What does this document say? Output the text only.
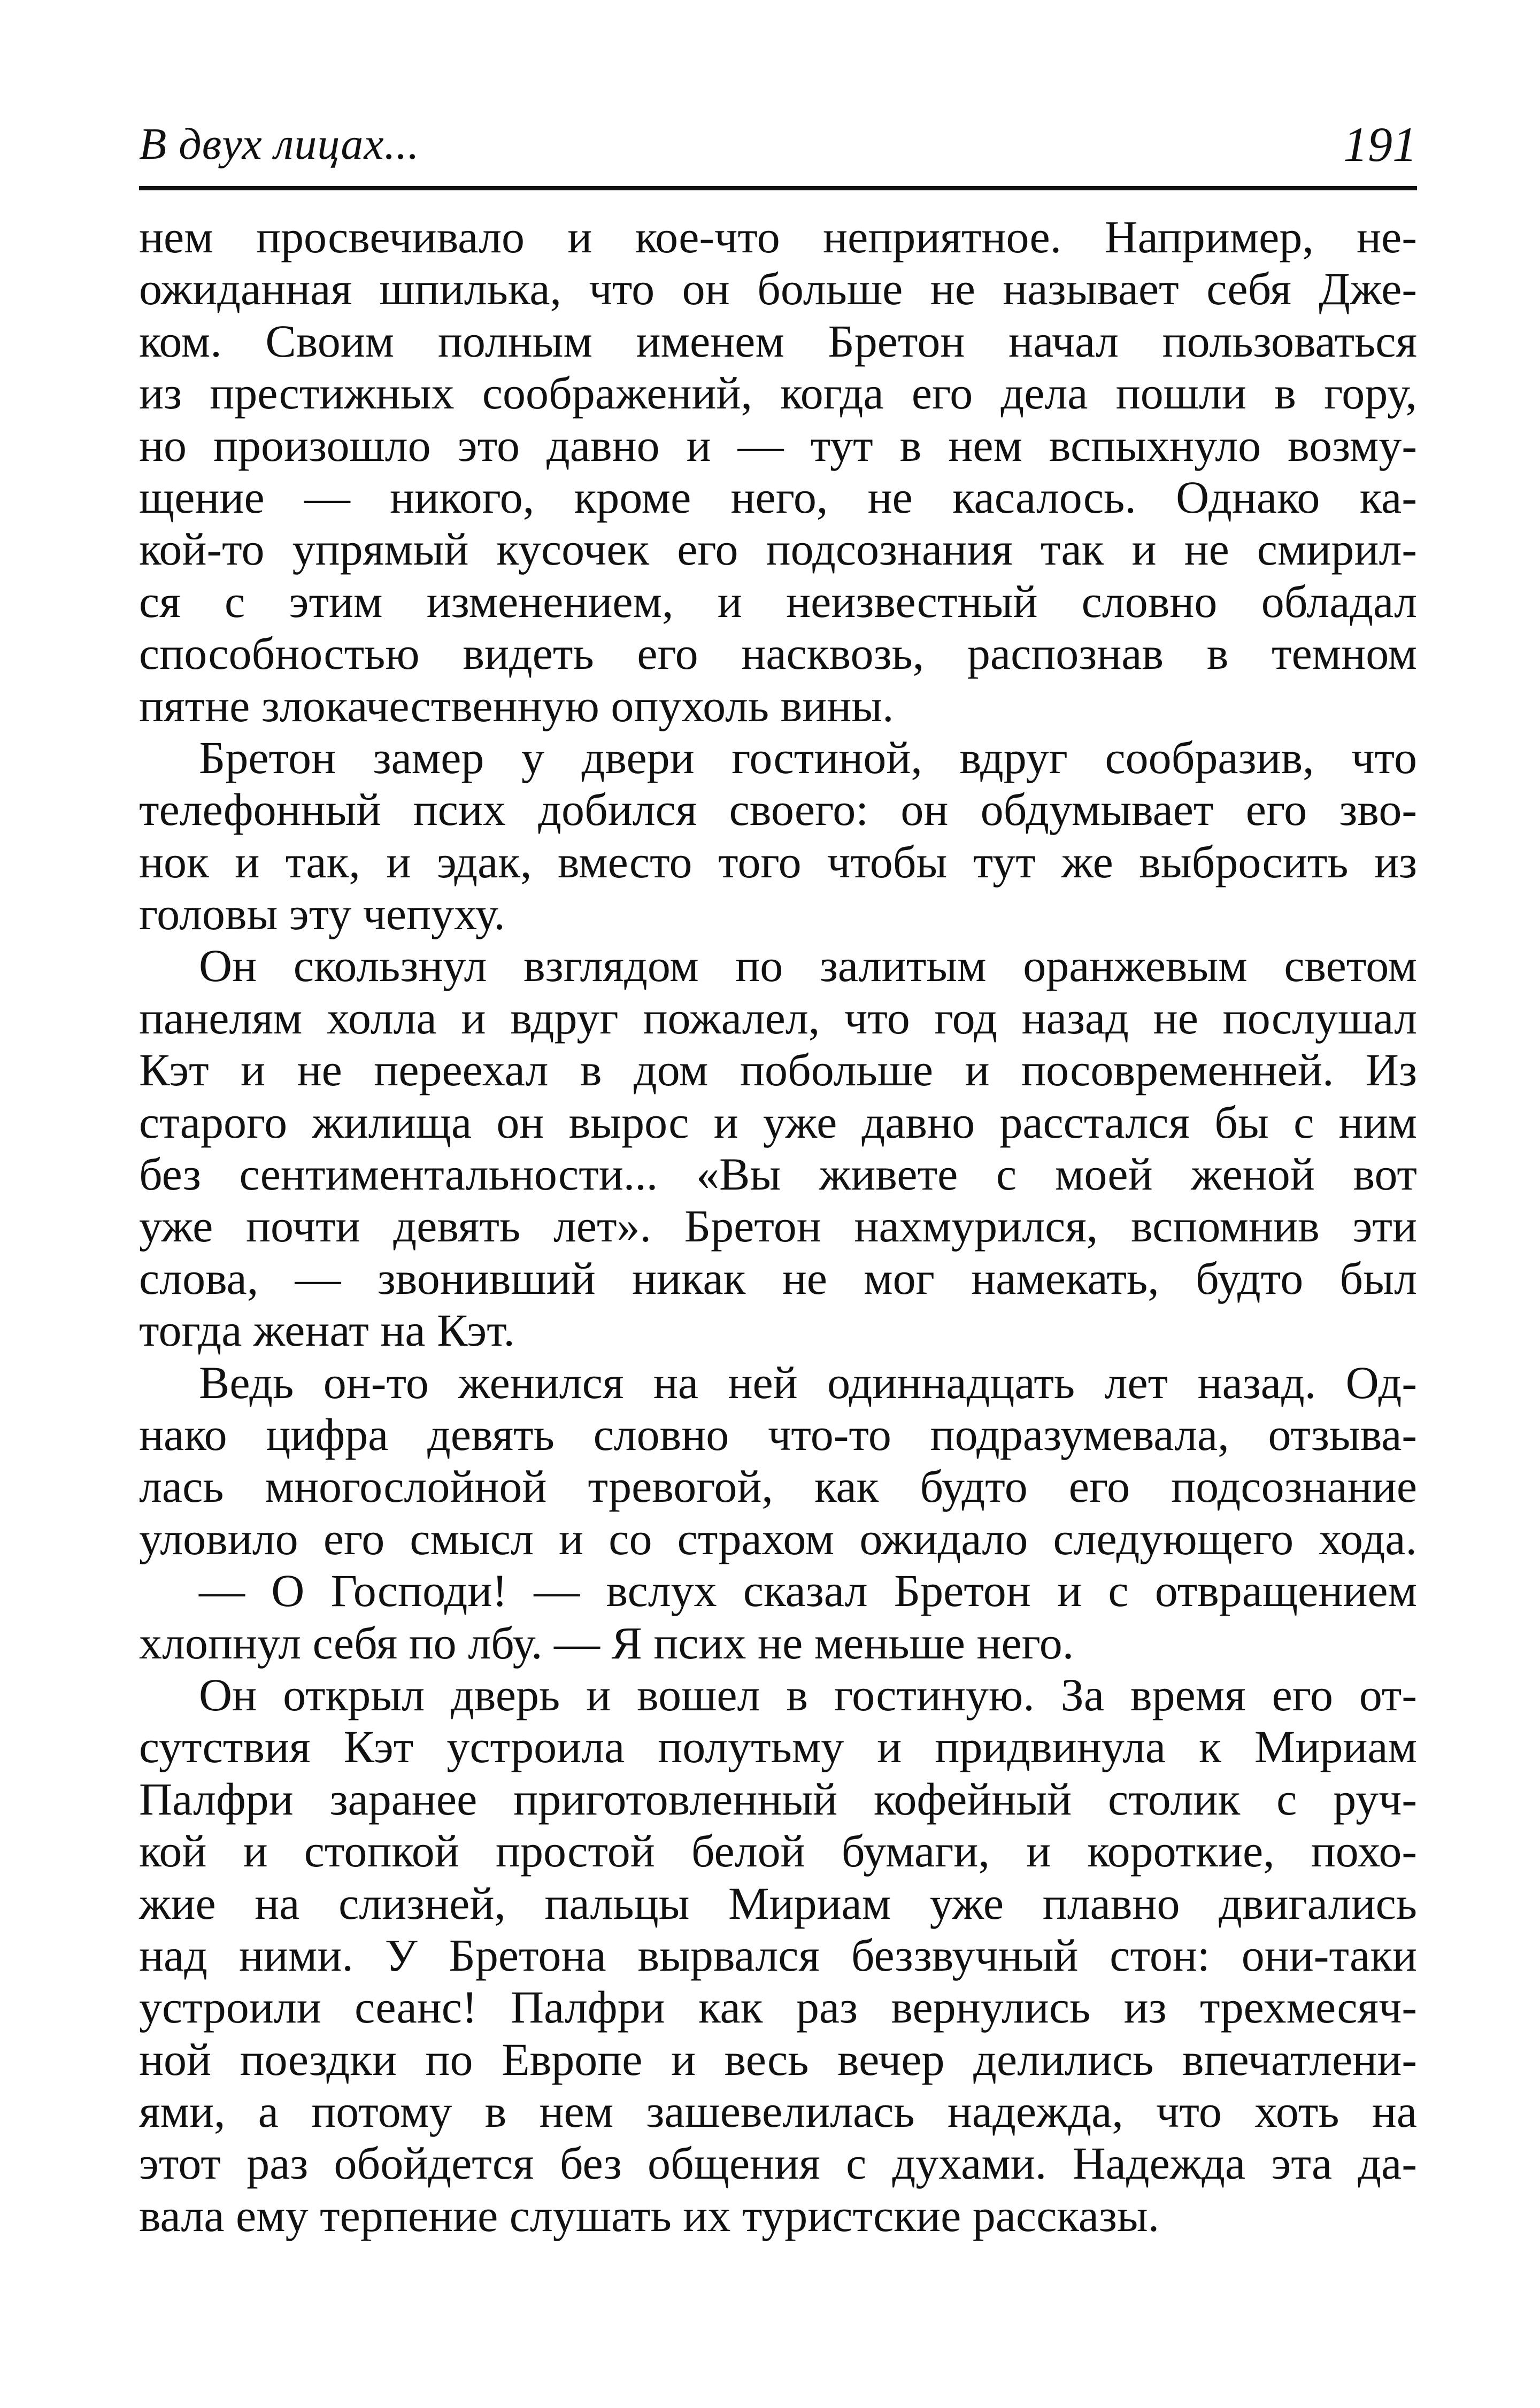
В двух лицах...	191
нем просвечивало и кое-что неприятное. Например, не-
ожиданная шпилька, что он больше не называет себя Дже-
ком. Своим полным именем Бретон начал пользоваться
из престижных соображений, когда его дела пошли в гору,
но произошло это давно и — тут в нем вспыхнуло возму-
щение — никого, кроме него, не касалось. Однако ка-
кой-то упрямый кусочек его подсознания так и не смирил-
ся с этим изменением, и неизвестный словно обладал
способностью видеть его насквозь, распознав в темном
пятне злокачественную опухоль вины.
Бретон замер у двери гостиной, вдруг сообразив, что
телефонный псих добился своего: он обдумывает его зво-
нок и так, и эдак, вместо того чтобы тут же выбросить из
головы эту чепуху.
Он скользнул взглядом по залитым оранжевым светом
панелям холла и вдруг пожалел, что год назад не послушал
Кэт и не переехал в дом побольше и посовременней. Из
старого жилища он вырос и уже давно расстался бы с ним
без сентиментальности... «Вы живете с моей женой вот
уже почти девять лет». Бретон нахмурился, вспомнив эти
слова, — звонивший никак не мог намекать, будто был
тогда женат на Кэт.
Ведь он-то женился на ней одиннадцать лет назад. Од-
нако цифра девять словно что-то подразумевала, отзыва-
лась многослойной тревогой, как будто его подсознание
уловило его смысл и со страхом ожидало следующего хода.
— О Господи! — вслух сказал Бретон и с отвращением
хлопнул себя по лбу. — Я псих не меньше него.
Он открыл дверь и вошел в гостиную. За время его от-
сутствия Кэт устроила полутьму и придвинула к Мириам
Палфри заранее приготовленный кофейный столик с руч-
кой и стопкой простой белой бумаги, и короткие, похо-
жие на слизней, пальцы Мириам уже плавно двигались
над ними. У Бретона вырвался беззвучный стон: они-таки
устроили сеанс! Палфри как раз вернулись из трехмесяч-
ной поездки по Европе и весь вечер делились впечатлени-
ями, а потому в нем зашевелилась надежда, что хоть на
этот раз обойдется без общения с духами. Надежда эта да-
вала ему терпение слушать их туристские рассказы.
